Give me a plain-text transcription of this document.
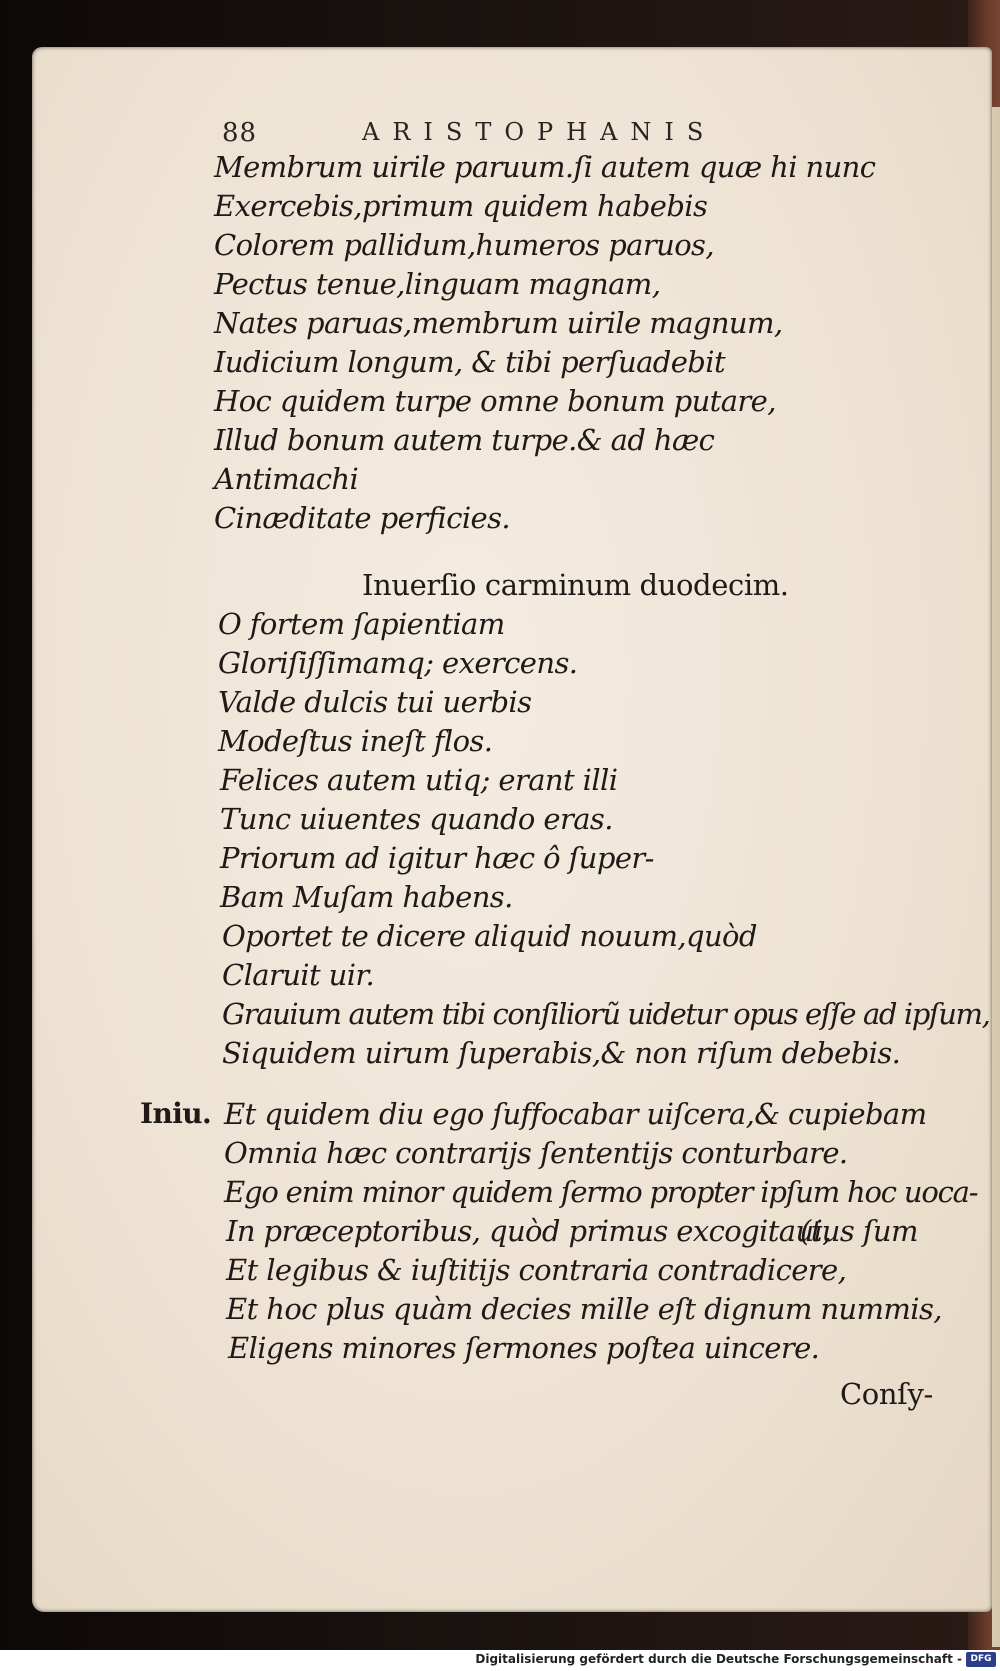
88	ARISTOPHANIS
Membrum uirile paruum.ſi autem quæ hi nunc
Exercebis,primum quidem habebis
Colorem pallidum,humeros paruos,
Pectus tenue,linguam magnam,
Nates paruas,membrum uirile magnum,
Iudicium longum, & tibi perſuadebit
Hoc quidem turpe omne bonum putare,
Illud bonum autem turpe.& ad hæc
Antimachi
Cinæditate perficies.
Inuerſio carminum duodecim.
O fortem ſapientiam
Gloriſiſſimamq; exercens.
Valde dulcis tui uerbis
Modeſtus ineſt flos.
Felices autem utiq; erant illi
Tunc uiuentes quando eras.
Priorum ad igitur hæc ô ſuper-
Bam Muſam habens.
Oportet te dicere aliquid nouum,quòd
Claruit uir.
Grauium autem tibi conſiliorũ uidetur opus eſſe ad ipſum,
Siquidem uirum ſuperabis,& non riſum debebis.
Et quidem diu ego ſuffocabar uiſcera,& cupiebam
Omnia hæc contrarijs ſententijs conturbare.
Ego enim minor quidem ſermo propter ipſum hoc uoca-
In præceptoribus, quòd primus excogitaui,
(tus ſum
Et legibus & iuſtitijs contraria contradicere,
Et hoc plus quàm decies mille eſt dignum nummis,
Eligens minores ſermones poſtea uincere.
Iniu.
Conſy-
Digitalisierung gefördert durch die Deutsche Forschungsgemeinschaft - DFG
